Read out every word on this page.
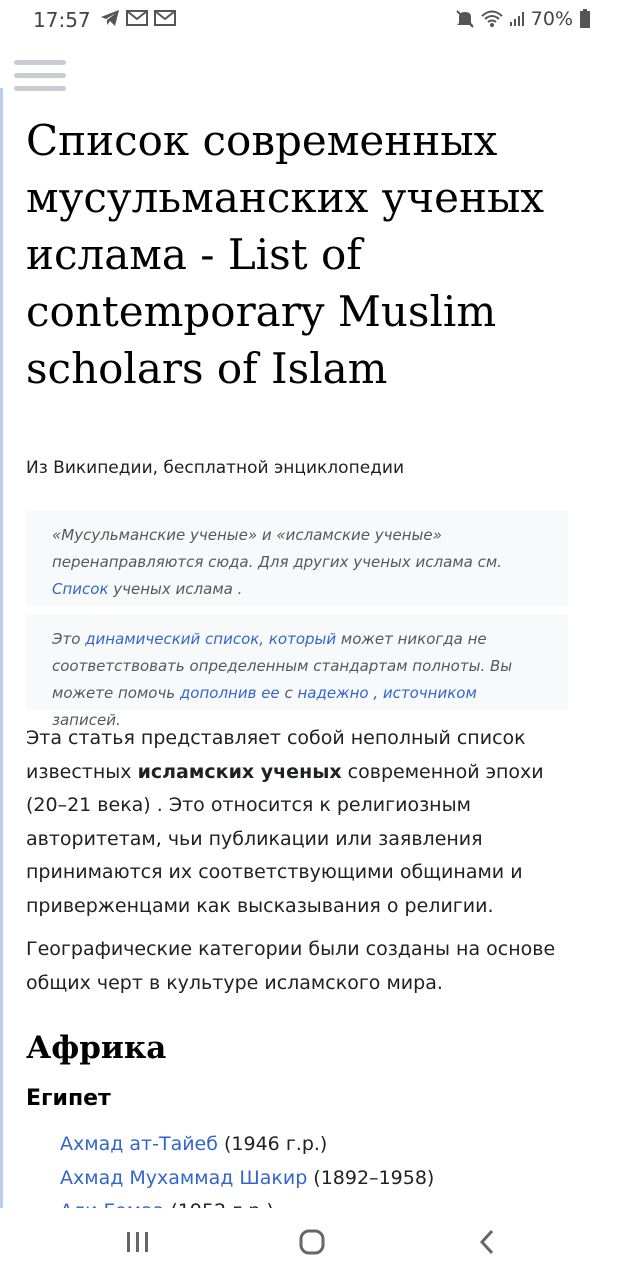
17:57	70%
Список современных мусульманских ученых ислама - List of contemporary Muslim scholars of Islam
Из Википедии, бесплатной энциклопедии
«Мусульманские ученые» и «исламские ученые» перенаправляются сюда. Для других ученых ислама см. Список ученых ислама .
Это динамический список, который может никогда не соответствовать определенным стандартам полноты. Вы можете помочь дополнив ее с надежно , источником записей.

Эта статья представляет собой неполный список известных исламских ученых современной эпохи (20–21 века) . Это относится к религиозным авторитетам, чьи публикации или заявления принимаются их соответствующими общинами и приверженцами как высказывания о религии.

Географические категории были созданы на основе общих черт в культуре исламского мира.

Африка
Египет
Ахмад ат-Тайеб (1946 г.р.)
Ахмад Мухаммад Шакир (1892–1958)
